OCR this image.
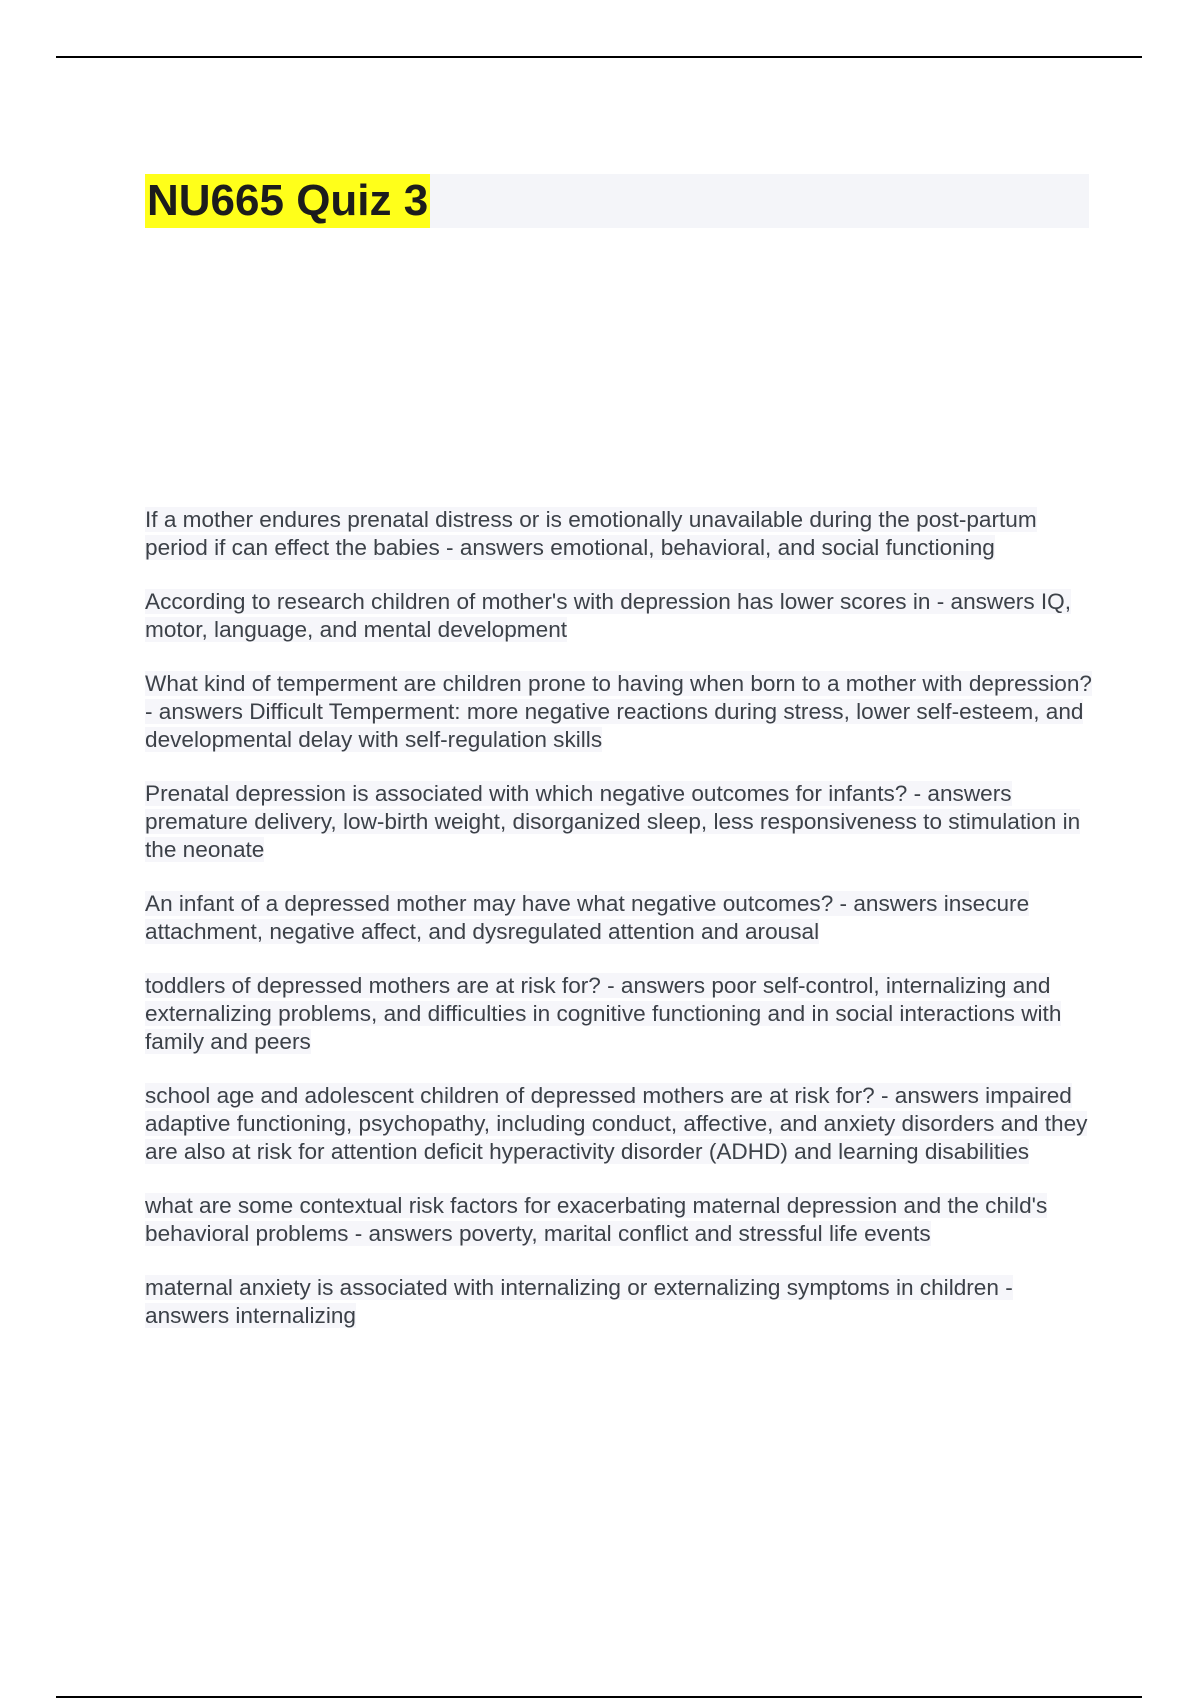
NU665 Quiz 3
If a mother endures prenatal distress or is emotionally unavailable during the post-partum period if can effect the babies - answers emotional, behavioral, and social functioning
According to research children of mother's with depression has lower scores in - answers IQ, motor, language, and mental development
What kind of temperment are children prone to having when born to a mother with depression? - answers Difficult Temperment: more negative reactions during stress, lower self-esteem, and developmental delay with self-regulation skills
Prenatal depression is associated with which negative outcomes for infants? - answers premature delivery, low-birth weight, disorganized sleep, less responsiveness to stimulation in the neonate
An infant of a depressed mother may have what negative outcomes? - answers insecure attachment, negative affect, and dysregulated attention and arousal
toddlers of depressed mothers are at risk for? - answers poor self-control, internalizing and externalizing problems, and difficulties in cognitive functioning and in social interactions with family and peers
school age and adolescent children of depressed mothers are at risk for? - answers impaired adaptive functioning, psychopathy, including conduct, affective, and anxiety disorders and they are also at risk for attention deficit hyperactivity disorder (ADHD) and learning disabilities
what are some contextual risk factors for exacerbating maternal depression and the child's behavioral problems - answers poverty, marital conflict and stressful life events
maternal anxiety is associated with internalizing or externalizing symptoms in children - answers internalizing
